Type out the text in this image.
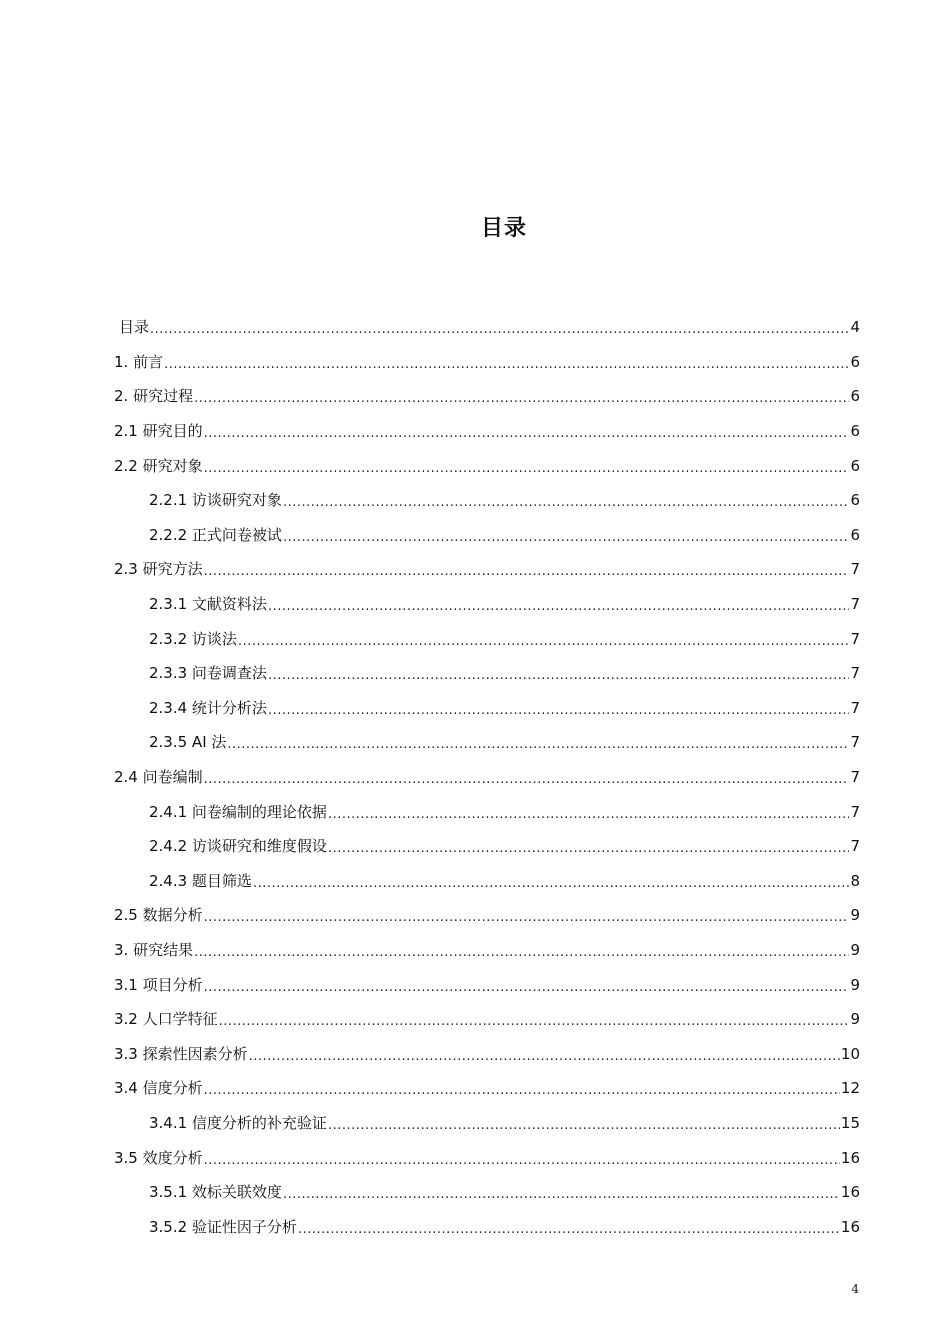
目录
目录 .....	4
1. 前言 .....	6
2. 研究过程 .....	6
2.1 研究目的 .....	6
2.2 研究对象 .....	6
2.2.1 访谈研究对象 .....	6
2.2.2 正式问卷被试 .....	6
2.3 研究方法 .....	7
2.3.1 文献资料法 .....	7
2.3.2 访谈法 .....	7
2.3.3 问卷调查法 .....	7
2.3.4 统计分析法 .....	7
2.3.5 AI 法 .....	7
2.4 问卷编制 .....	7
2.4.1 问卷编制的理论依据 .....	7
2.4.2 访谈研究和维度假设 .....	7
2.4.3 题目筛选 .....	8
2.5 数据分析 .....	9
3. 研究结果 .....	9
3.1 项目分析 .....	9
3.2 人口学特征 .....	9
3.3 探索性因素分析 .....	10
3.4 信度分析 .....	12
3.4.1 信度分析的补充验证 .....	15
3.5 效度分析 .....	16
3.5.1 效标关联效度 .....	16
3.5.2 验证性因子分析 .....	16
4
